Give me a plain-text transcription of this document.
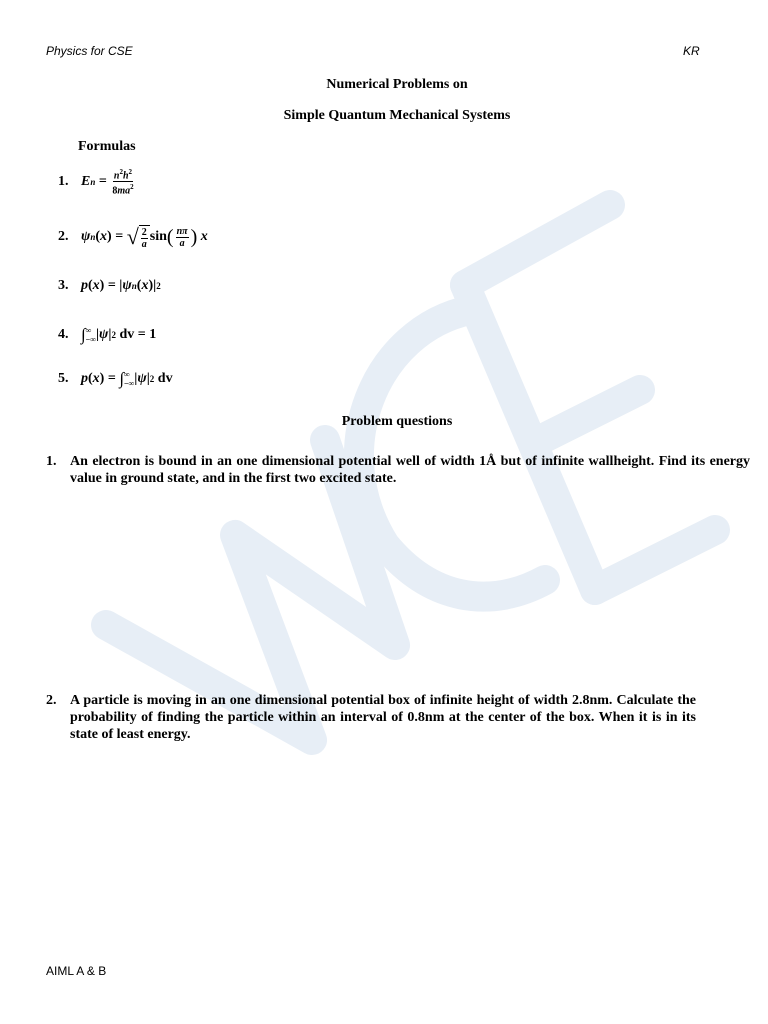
Physics for CSE	KR
Numerical Problems on
Simple Quantum Mechanical Systems
Formulas
1. E $n = \frac{n^2h^2}{8ma^2}$
2. ψ n ( x ) = √ $\frac{2}{a}$ sin ( $\frac{n\pi}{a}$ )
x
3. p ( x ) = | ψ n ( x )| 2
4. ∫ ∞
−∞ | ψ | 2 dv = 1
5. p ( x ) = ∫ ∞
−∞ | ψ | 2 dv
Problem questions
1. An electron is bound in an one dimensional potential well of width 1Å but of infinite wallheight. Find its energy value in ground state, and in the first two excited state.
2. A particle is moving in an one dimensional potential box of infinite height of width 2.8nm. Calculate the probability of finding the particle within an interval of 0.8nm at the center of the box. When it is in its state of least energy.
AIML A & B
